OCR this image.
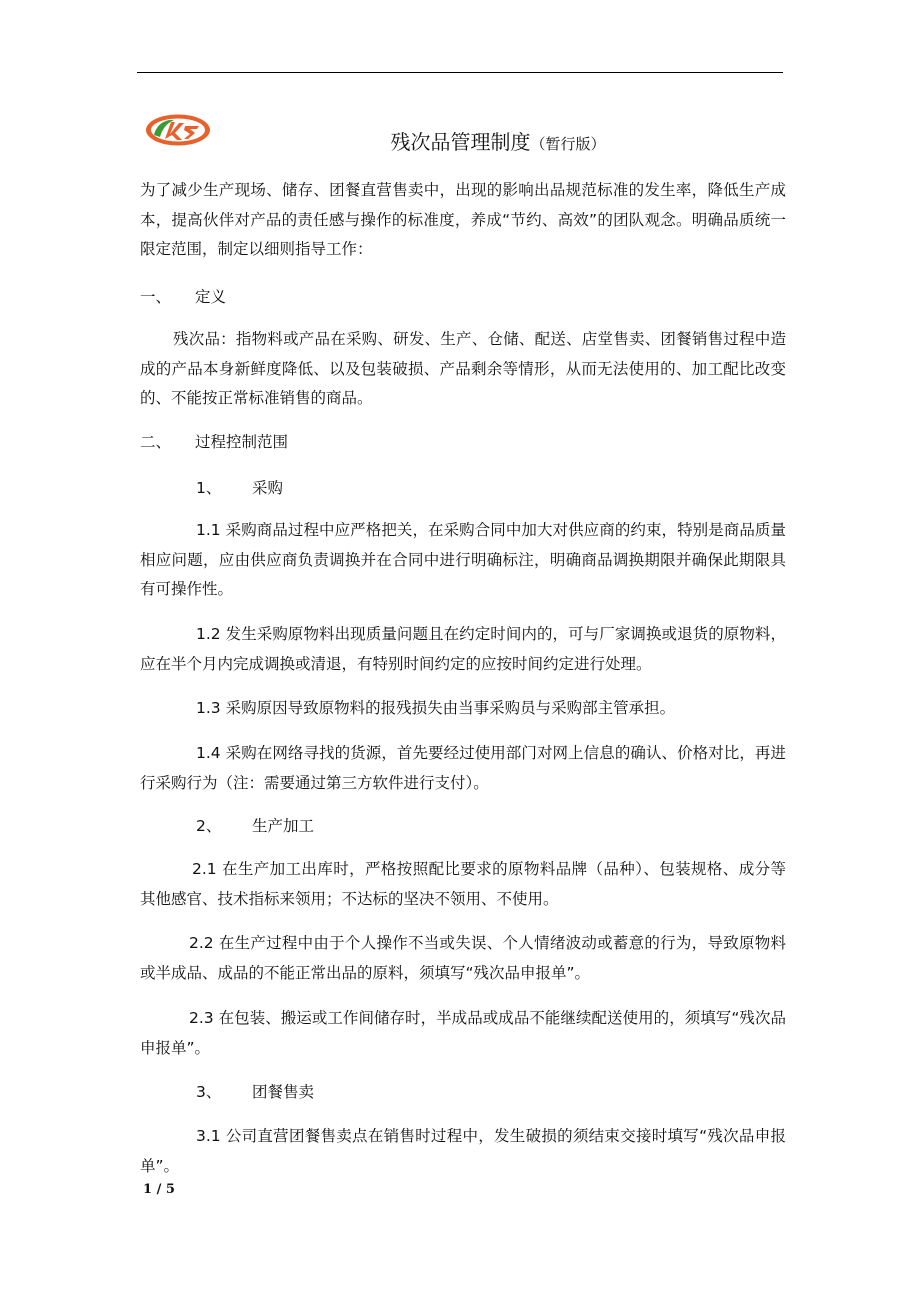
残次品管理制度（暂行版）

为了减少生产现场、储存、团餐直营售卖中，出现的影响出品规范标准的发生率，降低生产成本，提高伙伴对产品的责任感与操作的标准度，养成“节约、高效”的团队观念。明确品质统一限定范围，制定以细则指导工作：

一、 定义

残次品：指物料或产品在采购、研发、生产、仓储、配送、店堂售卖、团餐销售过程中造成的产品本身新鲜度降低、以及包装破损、产品剩余等情形，从而无法使用的、加工配比改变的、不能按正常标准销售的商品。

二、 过程控制范围
1、 采购

1.1 采购商品过程中应严格把关，在采购合同中加大对供应商的约束，特别是商品质量相应问题，应由供应商负责调换并在合同中进行明确标注，明确商品调换期限并确保此期限具有可操作性。

1.2 发生采购原物料出现质量问题且在约定时间内的，可与厂家调换或退货的原物料，应在半个月内完成调换或清退，有特别时间约定的应按时间约定进行处理。

1.3 采购原因导致原物料的报残损失由当事采购员与采购部主管承担。

1.4 采购在网络寻找的货源，首先要经过使用部门对网上信息的确认、价格对比，再进行采购行为（注：需要通过第三方软件进行支付）。

2、 生产加工

2.1 在生产加工出库时，严格按照配比要求的原物料品牌（品种）、包装规格、成分等其他感官、技术指标来领用；不达标的坚决不领用、不使用。

2.2 在生产过程中由于个人操作不当或失误、个人情绪波动或蓄意的行为，导致原物料或半成品、成品的不能正常出品的原料，须填写“残次品申报单”。

2.3 在包装、搬运或工作间储存时，半成品或成品不能继续配送使用的，须填写“残次品申报单”。

3、 团餐售卖

3.1 公司直营团餐售卖点在销售时过程中，发生破损的须结束交接时填写“残次品申报单”。

1 / 5
